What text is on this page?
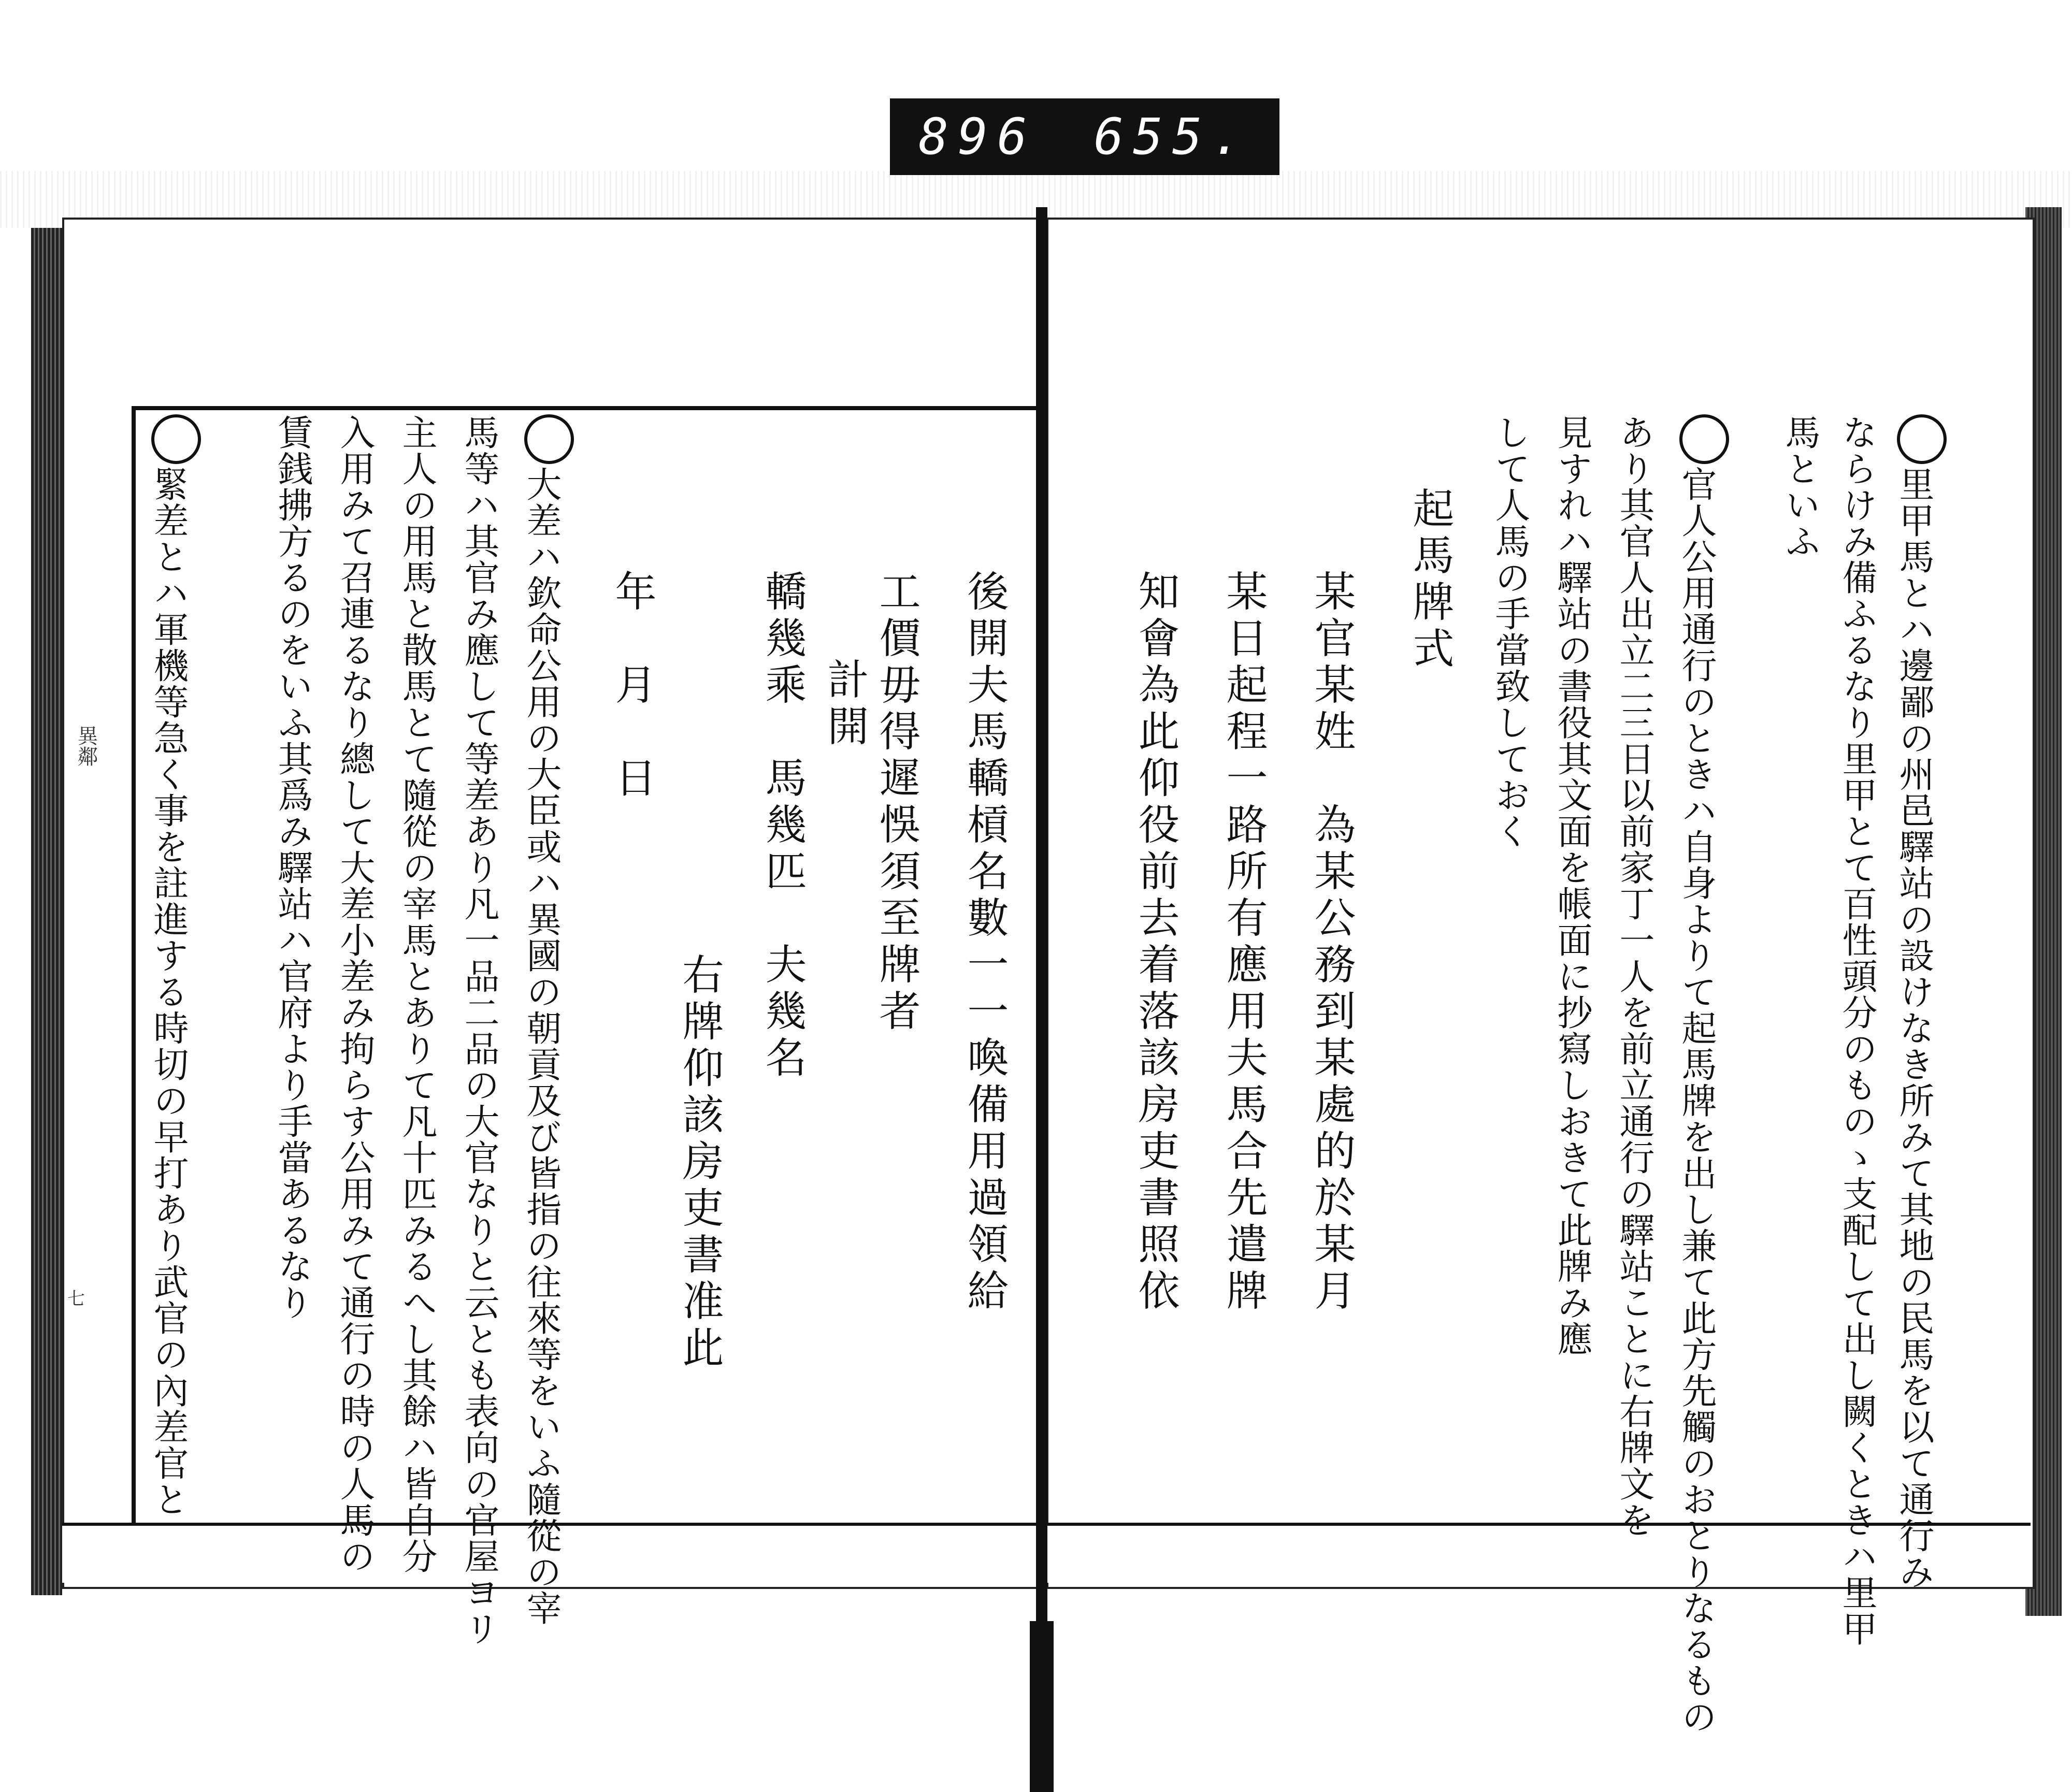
896 655.
異鄰
七	里甲馬とハ邊鄙の州邑驛站の設けなき所みて其地の民馬を以て通行み
ならけみ備ふるなり里甲とて百性頭分のものゝ支配して出し闕くときハ里甲
馬といふ
官人公用通行のときハ自身よりて起馬牌を出し兼て此方先觸のおとりなるもの
あり其官人出立二三日以前家丁一人を前立通行の驛站ことに右牌文を
見すれハ驛站の書役其文面を帳面に抄寫しおきて此牌み應
して人馬の手當致しておく
起馬牌式
某官某姓　為某公務到某處的於某月
某日起程一路所有應用夫馬合先遣牌
知會為此仰役前去着落該房吏書照依
後開夫馬轎槓名數一一喚備用過領給
工價毋得遲悞須至牌者
計開
轎幾乘　馬幾匹　夫幾名
右牌仰該房吏書准此
年　月　日
大差ハ欽命公用の大臣或ハ異國の朝貢及び皆指の往來等をいふ隨從の宰
馬等ハ其官み應して等差あり凡一品二品の大官なりと云とも表向の官屋ヨリ
主人の用馬と散馬とて隨從の宰馬とありて凡十匹みるへし其餘ハ皆自分
入用みて召連るなり總して大差小差み拘らす公用みて通行の時の人馬の
賃銭拂方るのをいふ其爲み驛站ハ官府より手當あるなり
緊差とハ軍機等急く事を註進する時切の早打あり武官の內差官と
